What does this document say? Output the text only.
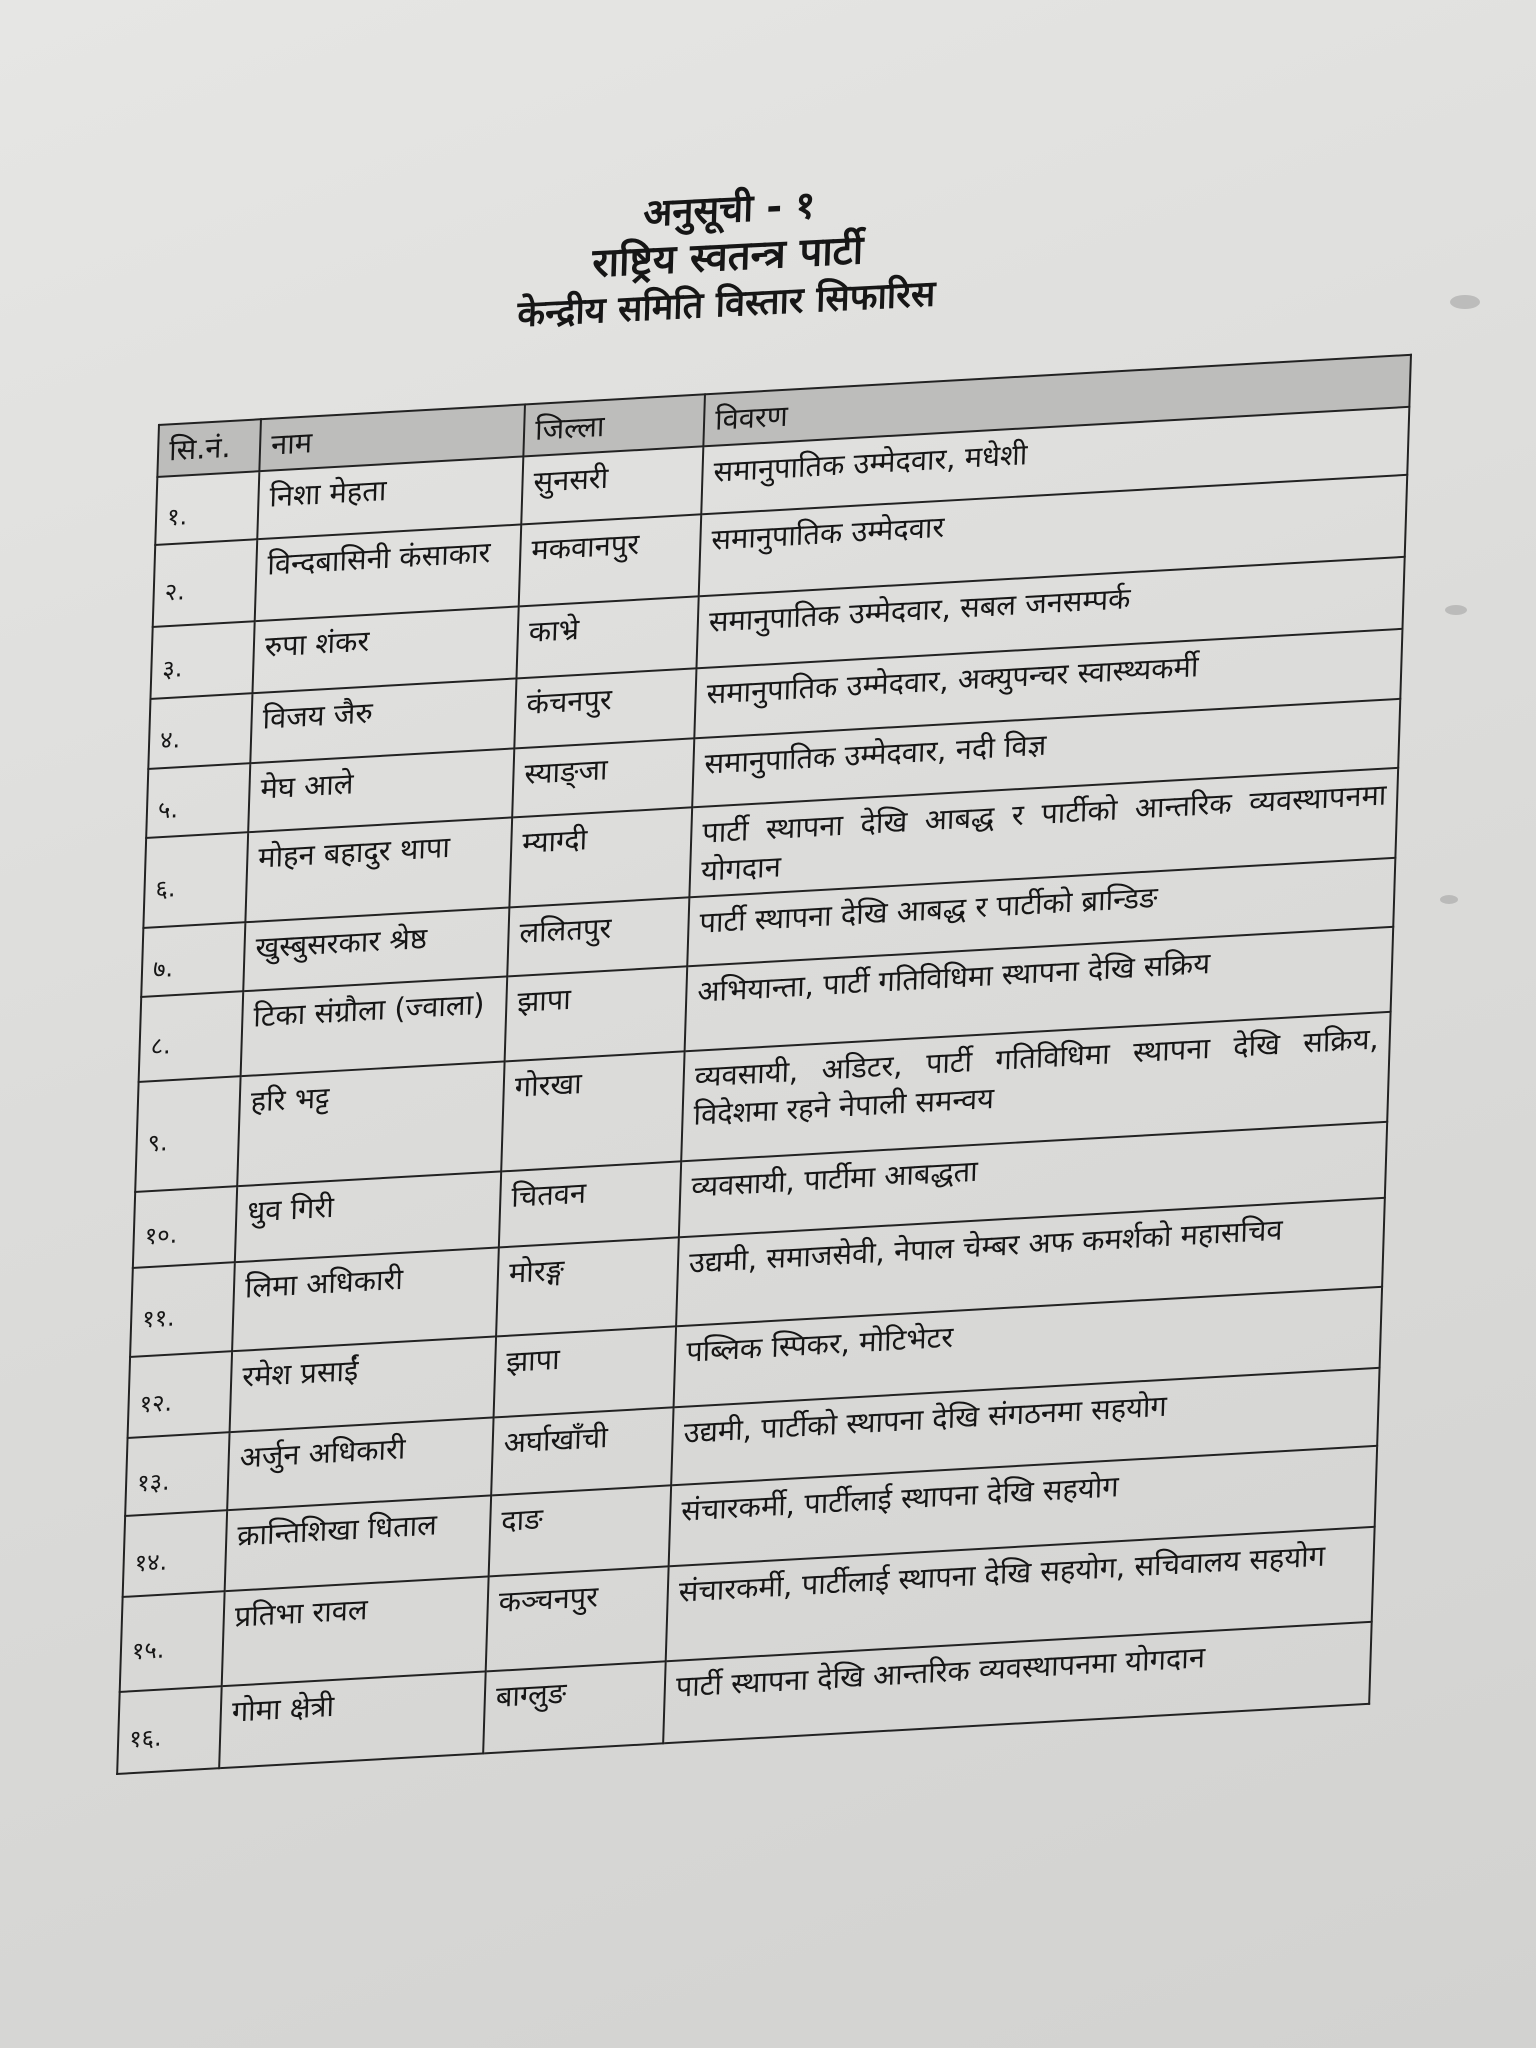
अनुसूची - १
राष्ट्रिय स्वतन्त्र पार्टी
केन्द्रीय समिति विस्तार सिफारिस
सि.नं.	नाम	जिल्ला	विवरण
१.	निशा मेहता	सुनसरी	समानुपातिक उम्मेदवार, मधेशी
२.	विन्दबासिनी कंसाकार	मकवानपुर	समानुपातिक उम्मेदवार
३.	रुपा शंकर	काभ्रे	समानुपातिक उम्मेदवार, सबल जनसम्पर्क
४.	विजय जैरु	कंचनपुर	समानुपातिक उम्मेदवार, अक्युपन्चर स्वास्थ्यकर्मी
५.	मेघ आले	स्याङ्जा	समानुपातिक उम्मेदवार, नदी विज्ञ
६.	मोहन बहादुर थापा	म्याग्दी	पार्टी स्थापना देखि आबद्ध र पार्टीको आन्तरिक व्यवस्थापनमा योगदान
७.	खुस्बुसरकार श्रेष्ठ	ललितपुर	पार्टी स्थापना देखि आबद्ध र पार्टीको ब्रान्डिङ
८.	टिका संग्रौला (ज्वाला)	झापा	अभियान्ता, पार्टी गतिविधिमा स्थापना देखि सक्रिय
९.	हरि भट्ट	गोरखा	व्यवसायी, अडिटर, पार्टी गतिविधिमा स्थापना देखि सक्रिय, विदेशमा रहने नेपाली समन्वय
१०.	धुव गिरी	चितवन	व्यवसायी, पार्टीमा आबद्धता
११.	लिमा अधिकारी	मोरङ्ग	उद्यमी, समाजसेवी, नेपाल चेम्बर अफ कमर्शको महासचिव
१२.	रमेश प्रसाईं	झापा	पब्लिक स्पिकर, मोटिभेटर
१३.	अर्जुन अधिकारी	अर्घाखाँची	उद्यमी, पार्टीको स्थापना देखि संगठनमा सहयोग
१४.	क्रान्तिशिखा धिताल	दाङ	संचारकर्मी, पार्टीलाई स्थापना देखि सहयोग
१५.	प्रतिभा रावल	कञ्चनपुर	संचारकर्मी, पार्टीलाई स्थापना देखि सहयोग, सचिवालय सहयोग
१६.	गोमा क्षेत्री	बाग्लुङ	पार्टी स्थापना देखि आन्तरिक व्यवस्थापनमा योगदान
